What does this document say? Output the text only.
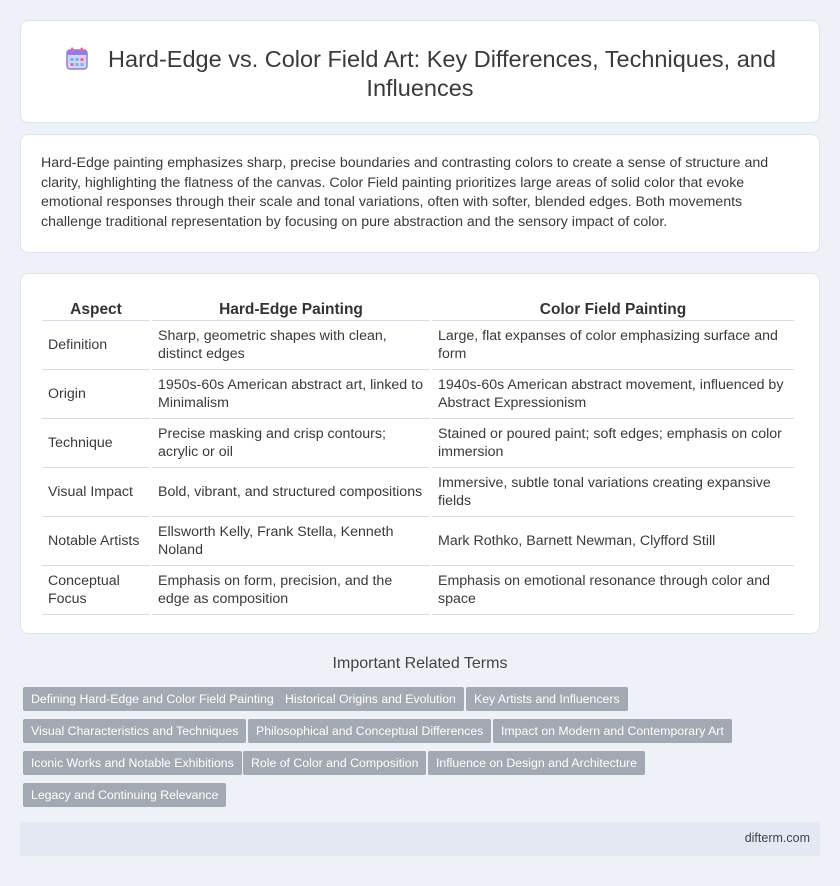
Hard-Edge vs. Color Field Art: Key Differences, Techniques, and Influences

Hard-Edge painting emphasizes sharp, precise boundaries and contrasting colors to create a sense of structure and clarity, highlighting the flatness of the canvas. Color Field painting prioritizes large areas of solid color that evoke emotional responses through their scale and tonal variations, often with softer, blended edges. Both movements challenge traditional representation by focusing on pure abstraction and the sensory impact of color.

Aspect	Hard-Edge Painting	Color Field Painting
Definition	Sharp, geometric shapes with clean, distinct edges	Large, flat expanses of color emphasizing surface and form
Origin	1950s-60s American abstract art, linked to Minimalism	1940s-60s American abstract movement, influenced by Abstract Expressionism
Technique	Precise masking and crisp contours; acrylic or oil	Stained or poured paint; soft edges; emphasis on color immersion
Visual Impact	Bold, vibrant, and structured compositions	Immersive, subtle tonal variations creating expansive fields
Notable Artists	Ellsworth Kelly, Frank Stella, Kenneth Noland	Mark Rothko, Barnett Newman, Clyfford Still
Conceptual Focus	Emphasis on form, precision, and the edge as composition	Emphasis on emotional resonance through color and space
Important Related Terms
Defining Hard-Edge and Color Field Painting Historical Origins and Evolution	Key Artists and Influencers
Visual Characteristics and Techniques	Philosophical and Conceptual Differences	Impact on Modern and Contemporary Art
Iconic Works and Notable Exhibitions	Role of Color and Composition	Influence on Design and Architecture
Legacy and Continuing Relevance
difterm.com
